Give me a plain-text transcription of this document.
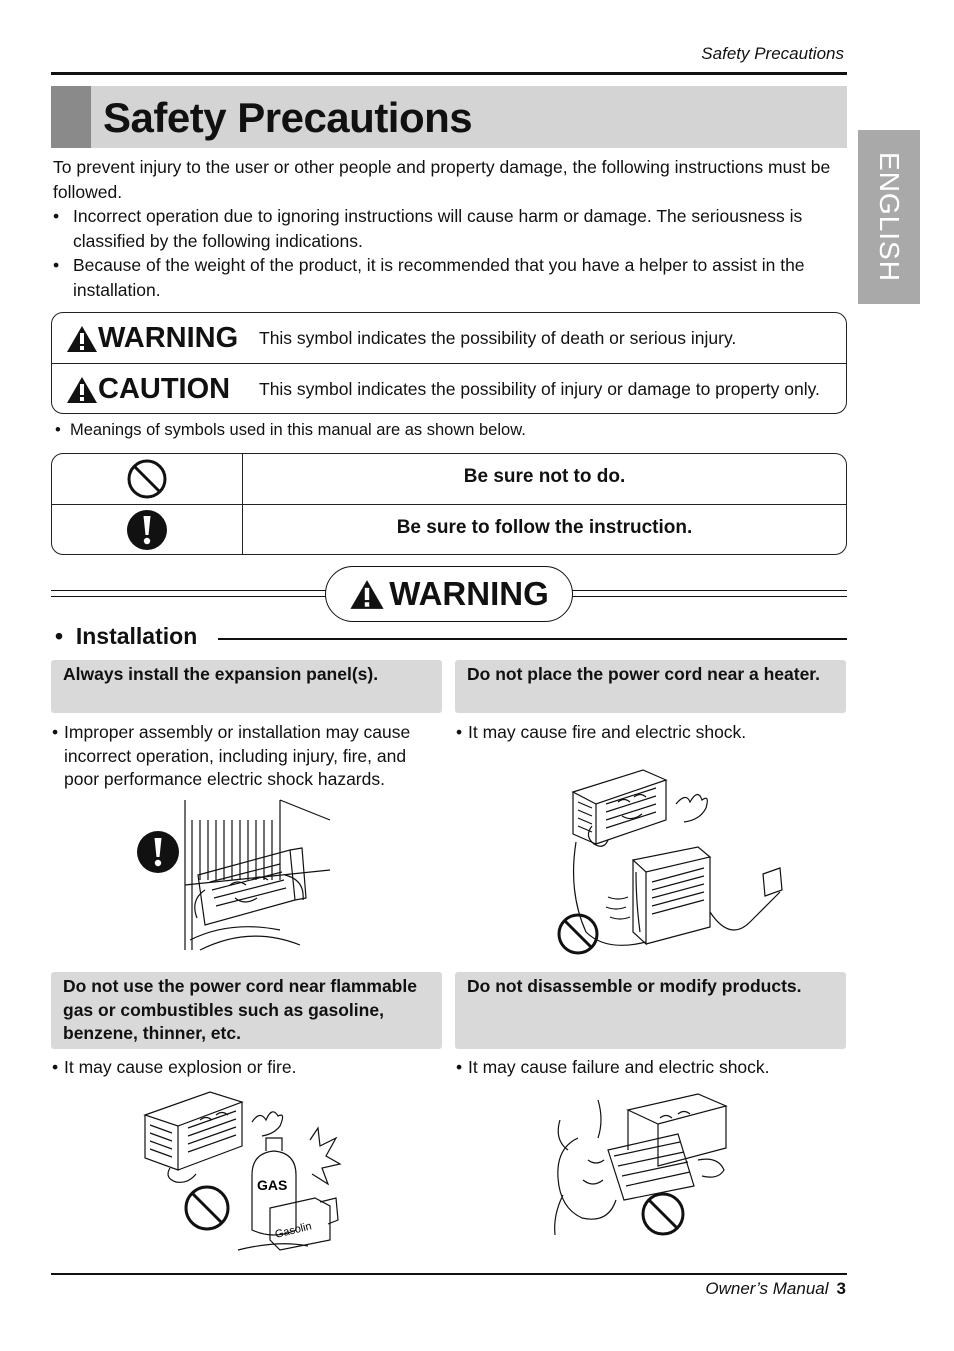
Safety Precautions
Safety Precautions
ENGLISH

To prevent injury to the user or other people and property damage, the following instructions must be followed.

• Incorrect operation due to ignoring instructions will cause harm or damage. The seriousness is classified by the following indications.

• Because of the weight of the product, it is recommended that you have a helper to assist in the installation.

WARNING This symbol indicates the possibility of death or serious injury.
CAUTION This symbol indicates the possibility of injury or damage to property only.
•  Meanings of symbols used in this manual are as shown below.
Be sure not to do.
Be sure to follow the instruction.
WARNING
•  Installation
Always install the expansion panel(s).
• Improper assembly or installation may cause incorrect operation, including injury, fire, and poor performance electric shock hazards.
Do not place the power cord near a heater.
• It may cause fire and electric shock.
Do not use the power cord near flammable gas or combustibles such as gasoline, benzene, thinner, etc.
• It may cause explosion or fire.
Do not disassemble or modify products.
• It may cause failure and electric shock.
GAS
Gasolin
Owner’s Manual 3
